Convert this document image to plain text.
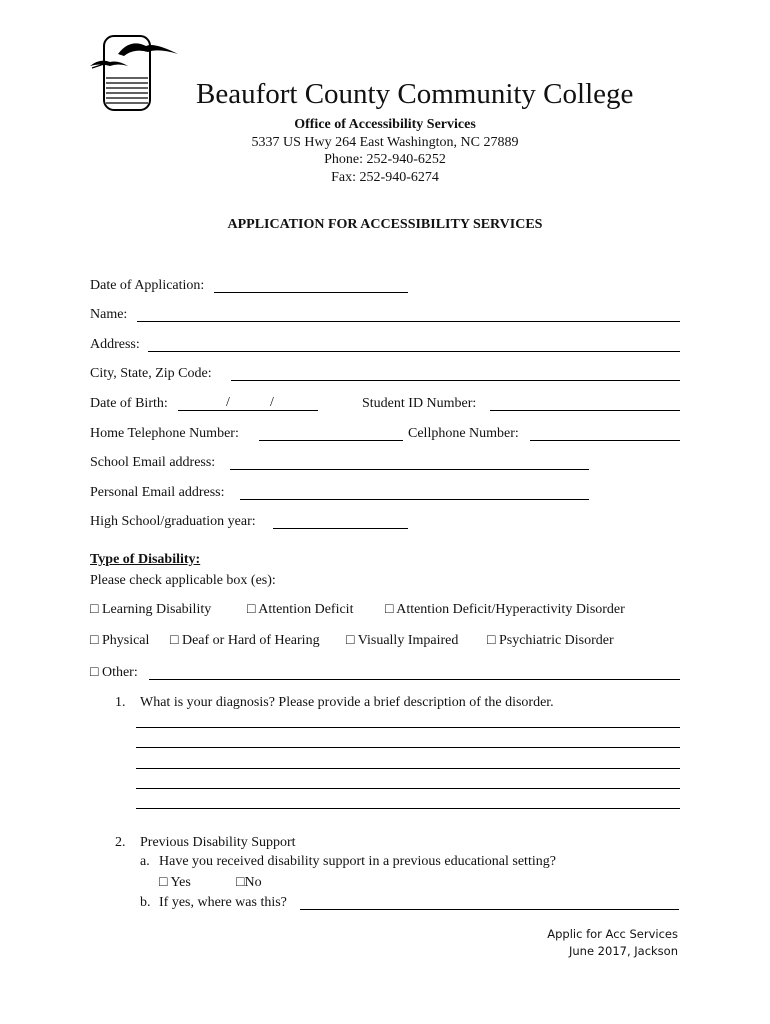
Beaufort County Community College
Office of Accessibility Services
5337 US Hwy 264 East Washington, NC 27889
Phone: 252-940-6252
Fax: 252-940-6274
APPLICATION FOR ACCESSIBILITY SERVICES
Date of Application:
Name:
Address:
City, State, Zip Code:
Date of Birth:	/	/	Student ID Number:
Home Telephone Number:	Cellphone Number:
School Email address:
Personal Email address:
High School/graduation year:
Type of Disability:
Please check applicable box (es):
□ Learning Disability	□ Attention Deficit □ Attention Deficit/Hyperactivity Disorder
□ Physical □ Deaf or Hard of Hearing □ Visually Impaired □ Psychiatric Disorder
□ Other:
1. What is your diagnosis? Please provide a brief description of the disorder.
2. Previous Disability Support
a. Have you received disability support in a previous educational setting?
□ Yes	□No
b. If yes, where was this?
Applic for Acc Services
June 2017, Jackson
